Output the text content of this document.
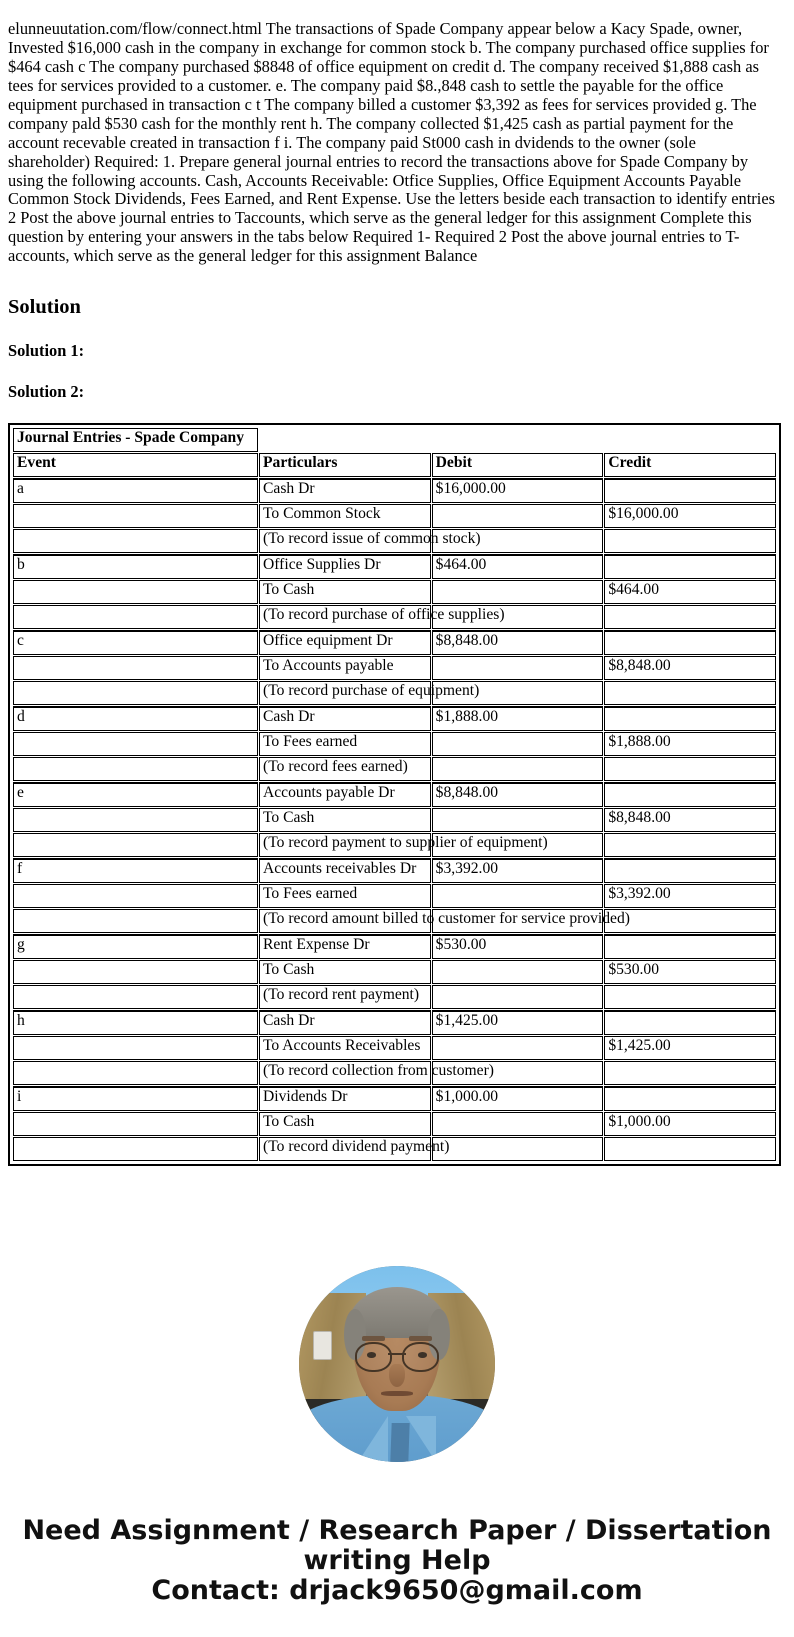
elunneuutation.com/flow/connect.html The transactions of Spade Company appear below a Kacy Spade, owner, Invested $16,000 cash in the company in exchange for common stock b. The company purchased office supplies for $464 cash c The company purchased $8848 of office equipment on credit d. The company received $1,888 cash as tees for services provided to a customer. e. The company paid $8.,848 cash to settle the payable for the office equipment purchased in transaction c t The company billed a customer $3,392 as fees for services provided g. The company pald $530 cash for the monthly rent h. The company collected $1,425 cash as partial payment for the account recevable created in transaction f i. The company paid St000 cash in dvidends to the owner (sole shareholder) Required: 1. Prepare general journal entries to record the transactions above for Spade Company by using the following accounts. Cash, Accounts Receivable: Otfice Supplies, Office Equipment Accounts Payable Common Stock Dividends, Fees Earned, and Rent Expense. Use the letters beside each transaction to identify entries 2 Post the above journal entries to Taccounts, which serve as the general ledger for this assignment Complete this question by entering your answers in the tabs below Required 1- Required 2 Post the above journal entries to T-accounts, which serve as the general ledger for this assignment Balance

Solution
Solution 1:
Solution 2:
Journal Entries - Spade Company			
Event	Particulars	Debit	Credit
a	Cash Dr	$16,000.00	
	To Common Stock		$16,000.00
	(To record issue of common stock)		
b	Office Supplies Dr	$464.00	
	To Cash		$464.00
	(To record purchase of office supplies)		
c	Office equipment Dr	$8,848.00	
	To Accounts payable		$8,848.00
	(To record purchase of equipment)		
d	Cash Dr	$1,888.00	
	To Fees earned		$1,888.00
	(To record fees earned)		
e	Accounts payable Dr	$8,848.00	
	To Cash		$8,848.00
	(To record payment to supplier of equipment)		
f	Accounts receivables Dr	$3,392.00	
	To Fees earned		$3,392.00
	(To record amount billed to customer for service provided)		
g	Rent Expense Dr	$530.00	
	To Cash		$530.00
	(To record rent payment)		
h	Cash Dr	$1,425.00	
	To Accounts Receivables		$1,425.00
	(To record collection from customer)		
i	Dividends Dr	$1,000.00	
	To Cash		$1,000.00
	(To record dividend payment)		
Need Assignment / Research Paper / Dissertation writing Help
Contact: drjack9650@gmail.com
